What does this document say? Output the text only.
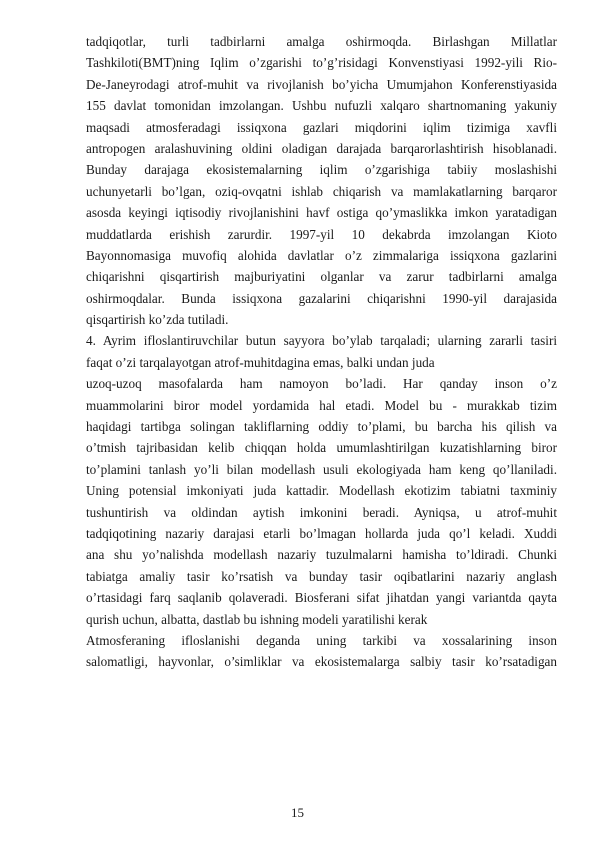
tadqiqotlar, turli tadbirlarni amalga oshirmoqda. Birlashgan Millatlar
Tashkiloti(BMT)ning Iqlim o’zgarishi to’g’risidagi Konvenstiyasi 1992-yili Rio-
De-Janeyrodagi atrof-muhit va rivojlanish bo’yicha Umumjahon Konferenstiyasida
155 davlat tomonidan imzolangan. Ushbu nufuzli xalqaro shartnomaning yakuniy
maqsadi atmosferadagi issiqxona gazlari miqdorini iqlim tizimiga xavfli
antropogen aralashuvining oldini oladigan darajada barqarorlashtirish hisoblanadi.
Bunday darajaga ekosistemalarning iqlim o’zgarishiga tabiiy moslashishi
uchunyetarli bo’lgan, oziq-ovqatni ishlab chiqarish va mamlakatlarning barqaror
asosda keyingi iqtisodiy rivojlanishini havf ostiga qo’ymaslikka imkon yaratadigan
muddatlarda erishish zarurdir. 1997-yil 10 dekabrda imzolangan Kioto
Bayonnomasiga muvofiq alohida davlatlar o’z zimmalariga issiqxona gazlarini
chiqarishni qisqartirish majburiyatini olganlar va zarur tadbirlarni amalga
oshirmoqdalar. Bunda issiqxona gazalarini chiqarishni 1990-yil darajasida
qisqartirish ko’zda tutiladi.
4. Ayrim ifloslantiruvchilar butun sayyora bo’ylab tarqaladi; ularning zararli tasiri
faqat o’zi tarqalayotgan atrof-muhitdagina emas, balki undan juda
uzoq-uzoq masofalarda ham namoyon bo’ladi. Har qanday inson o’z
muammolarini biror model yordamida hal etadi. Model bu - murakkab tizim
haqidagi tartibga solingan takliflarning oddiy to’plami, bu barcha his qilish va
o’tmish tajribasidan kelib chiqqan holda umumlashtirilgan kuzatishlarning biror
to’plamini tanlash yo’li bilan modellash usuli ekologiyada ham keng qo’llaniladi.
Uning potensial imkoniyati juda kattadir. Modellash ekotizim tabiatni taxminiy
tushuntirish va oldindan aytish imkonini beradi. Ayniqsa, u atrof-muhit
tadqiqotining nazariy darajasi etarli bo’lmagan hollarda juda qo’l keladi. Xuddi
ana shu yo’nalishda modellash nazariy tuzulmalarni hamisha to’ldiradi. Chunki
tabiatga amaliy tasir ko’rsatish va bunday tasir oqibatlarini nazariy anglash
o’rtasidagi farq saqlanib qolaveradi. Biosferani sifat jihatdan yangi variantda qayta
qurish uchun, albatta, dastlab bu ishning modeli yaratilishi kerak
Atmosferaning ifloslanishi deganda uning tarkibi va xossalarining inson
salomatligi, hayvonlar, o’simliklar va ekosistemalarga salbiy tasir ko’rsatadigan
15
